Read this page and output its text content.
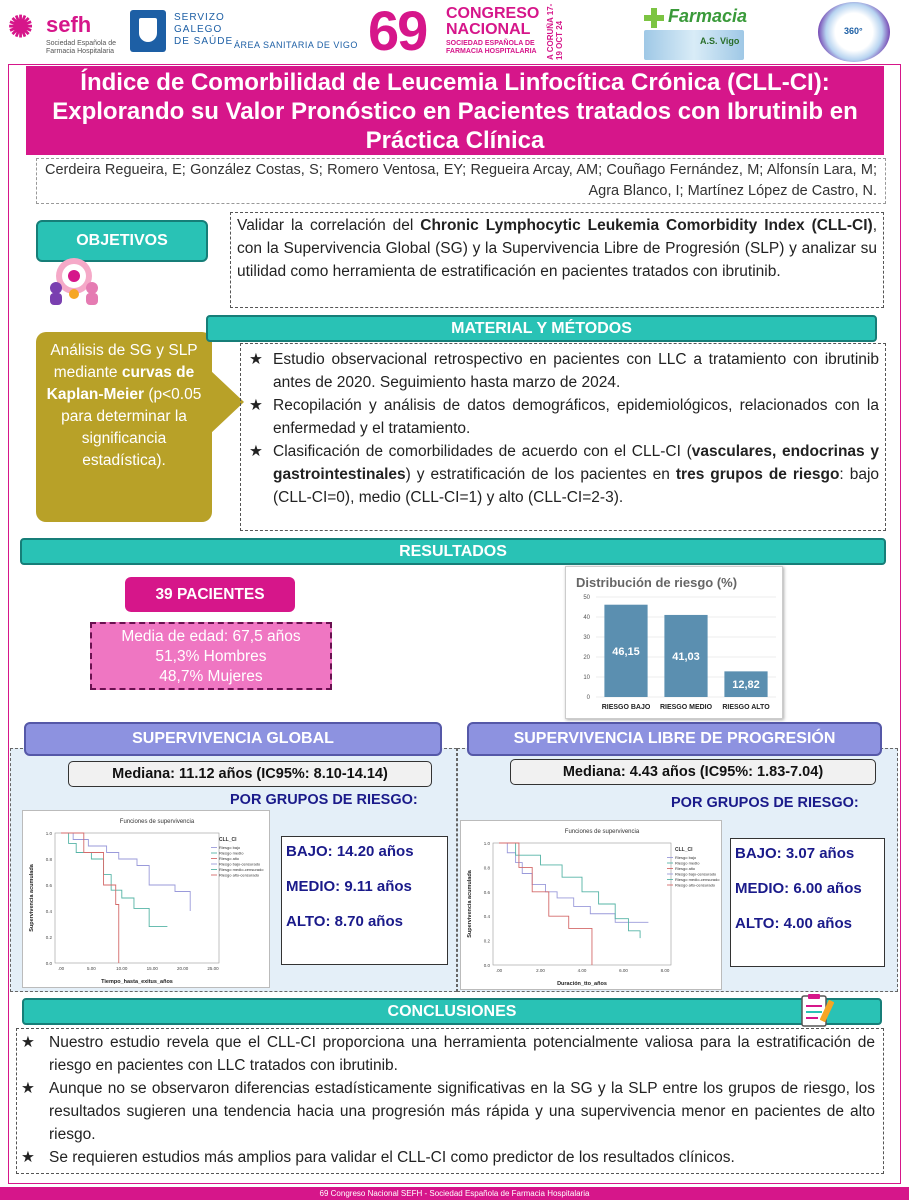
✺ sefh
Sociedad Española de Farmacia Hospitalaria
SERVIZO
GALEGO
DE SAÚDE ÁREA SANITARIA DE VIGO 69 CONGRESO
NACIONAL
SOCIEDAD ESPAÑOLA DE
FARMACIA HOSPITALARIA A CORUÑA 17-19 OCT 24
Farmacia
A.S. Vigo
360°
Índice de Comorbilidad de Leucemia Linfocítica Crónica (CLL-CI): Explorando su Valor Pronóstico en Pacientes tratados con Ibrutinib en Práctica Clínica
Cerdeira Regueira, E; González Costas, S; Romero Ventosa, EY; Regueira Arcay, AM; Couñago Fernández, M; Alfonsín Lara, M; Agra Blanco, I; Martínez López de Castro, N.
OBJETIVOS
Validar la correlación del Chronic Lymphocytic Leukemia Comorbidity Index (CLL-CI), con la Supervivencia Global (SG) y la Supervivencia Libre de Progresión (SLP) y analizar su utilidad como herramienta de estratificación en pacientes tratados con ibrutinib.
Análisis de SG y SLP mediante curvas de Kaplan-Meier (p<0.05 para determinar la significancia estadística).
MATERIAL Y MÉTODOS
★ Estudio observacional retrospectivo en pacientes con LLC a tratamiento con ibrutinib antes de 2020. Seguimiento hasta marzo de 2024.
★ Recopilación y análisis de datos demográficos, epidemiológicos, relacionados con la enfermedad y el tratamiento.
★ Clasificación de comorbilidades de acuerdo con el CLL-CI (vasculares, endocrinas y gastrointestinales) y estratificación de los pacientes en tres grupos de riesgo: bajo (CLL-CI=0), medio (CLL-CI=1) y alto (CLL-CI=2-3).
RESULTADOS
39 PACIENTES
Media de edad: 67,5 años
51,3% Hombres
48,7% Mujeres
Distribución de riesgo (%)
0
10
20
30
40
50
46,15
RIESGO BAJO
41,03
RIESGO MEDIO
12,82
RIESGO ALTO
SUPERVIVENCIA GLOBAL	SUPERVIVENCIA LIBRE DE PROGRESIÓN
Mediana: 11.12 años (IC95%: 8.10-14.14)	Mediana: 4.43 años (IC95%: 1.83-7.04)
POR GRUPOS DE RIESGO:	POR GRUPOS DE RIESGO:
Funciones de supervivencia
0.0
0.2
0.4
0.6
0.8
1.0
.00	5.00	10.00	15.00	20.00	25.00
Tiempo_hasta_exitus_años
Supervivencia acumulada
CLL_CI
Riesgo bajo
Riesgo medio
Riesgo alto
Riesgo bajo-censurado
Riesgo medio-censurado
Riesgo alto-censurado
Funciones de supervivencia
0.0
0.2
0.4
0.6
0.8
1.0
.00	2.00	4.00	6.00	8.00
Duración_tto_años
Supervivencia acumulada
CLL_CI
Riesgo bajo
Riesgo medio
Riesgo alto
Riesgo bajo-censurado
Riesgo medio-censurado
Riesgo alto-censurado
BAJO: 14.20 años
MEDIO: 9.11 años
ALTO: 8.70 años
BAJO: 3.07 años
MEDIO: 6.00 años
ALTO: 4.00 años
CONCLUSIONES
★ Nuestro estudio revela que el CLL-CI proporciona una herramienta potencialmente valiosa para la estratificación de riesgo en pacientes con LLC tratados con ibrutinib.
★ Aunque no se observaron diferencias estadísticamente significativas en la SG y la SLP entre los grupos de riesgo, los resultados sugieren una tendencia hacia una progresión más rápida y una supervivencia menor en pacientes de alto riesgo.
★ Se requieren estudios más amplios para validar el CLL-CI como predictor de los resultados clínicos.
69 Congreso Nacional SEFH - Sociedad Española de Farmacia Hospitalaria
